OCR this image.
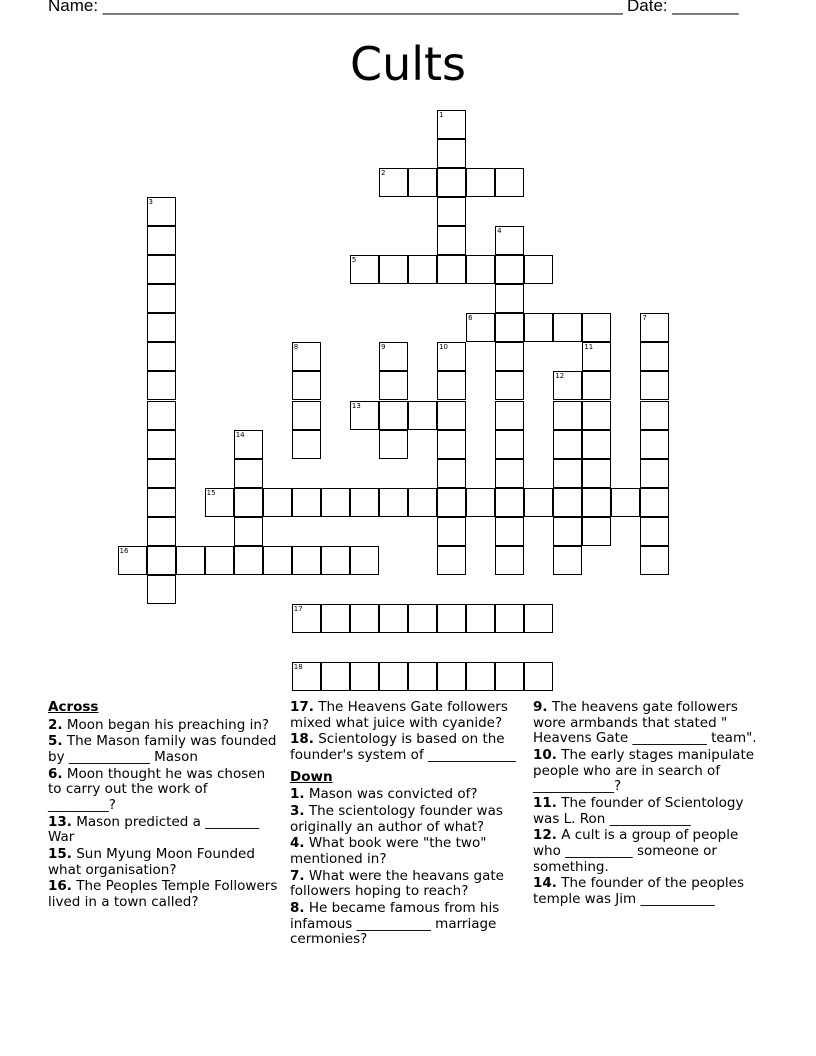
Name: _______________________________________________________ Date: _______
Cults
1
2
3
4
5
6	7
8	9	10	11
12
13
14
15
16
17
18
Across
2. Moon began his preaching in?
5. The Mason family was founded by ____________ Mason
6. Moon thought he was chosen to carry out the work of _________?
13. Mason predicted a ________ War
15. Sun Myung Moon Founded what organisation?
16. The Peoples Temple Followers lived in a town called?
17. The Heavens Gate followers mixed what juice with cyanide?
18. Scientology is based on the founder's system of _____________
Down
1. Mason was convicted of?
3. The scientology founder was originally an author of what?
4. What book were "the two" mentioned in?
7. What were the heavans gate followers hoping to reach?
8. He became famous from his infamous ___________ marriage cermonies?
9. The heavens gate followers wore armbands that stated " Heavens Gate ___________ team".
10. The early stages manipulate people who are in search of ____________?
11. The founder of Scientology was L. Ron ____________
12. A cult is a group of people who __________ someone or something.
14. The founder of the peoples temple was Jim ___________
